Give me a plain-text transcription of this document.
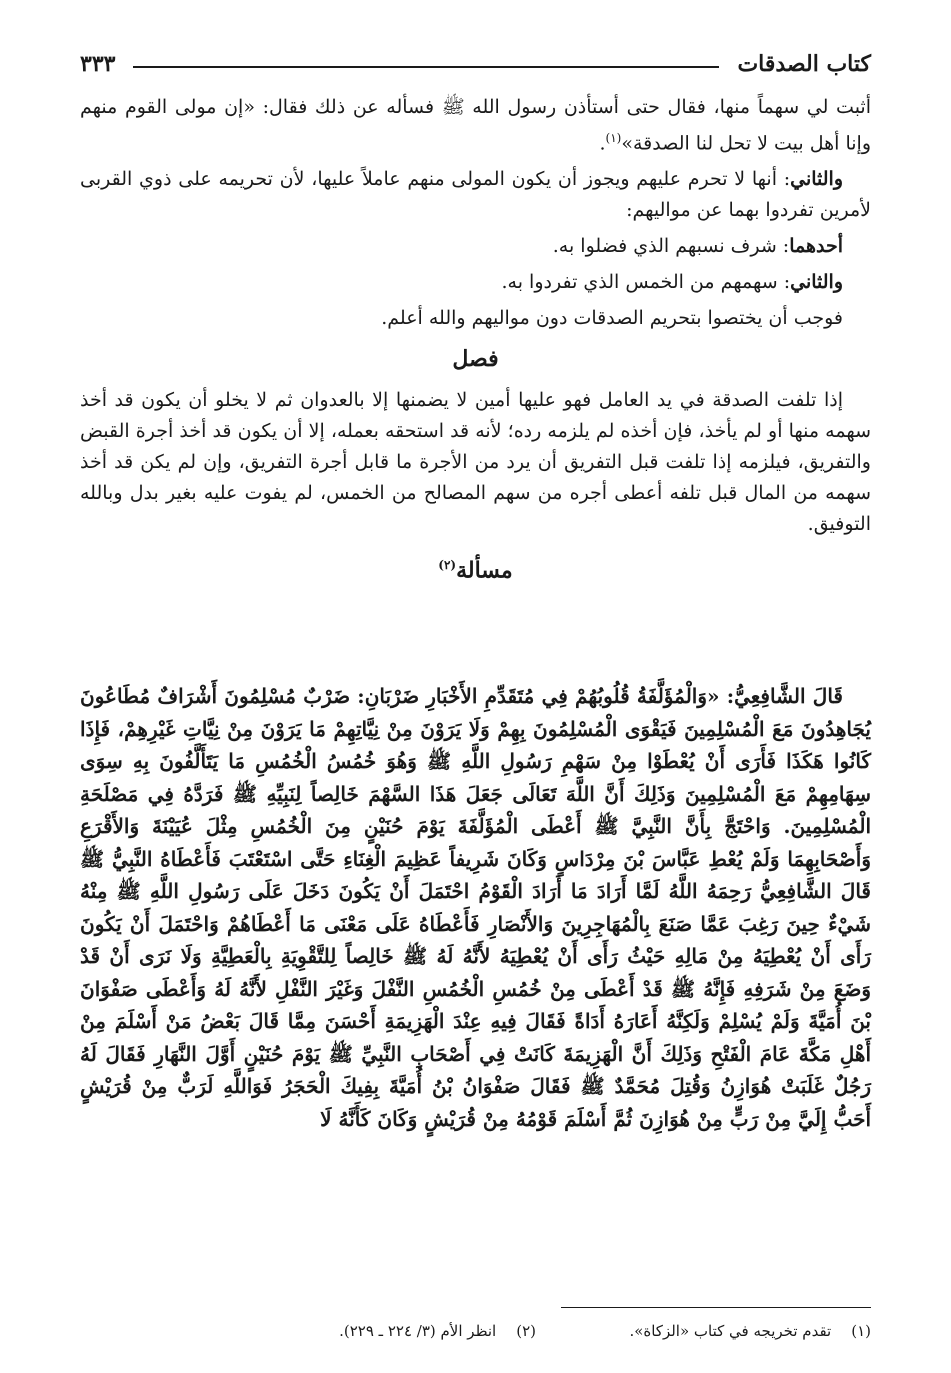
٣٣٣	كتاب الصدقات

أثبت لي سهماً منها، فقال حتى أستأذن رسول الله ﷺ فسأله عن ذلك فقال: «إن مولى القوم منهم وإنا أهل بيت لا تحل لنا الصدقة»$^{(١)}$.

والثاني: أنها لا تحرم عليهم ويجوز أن يكون المولى منهم عاملاً عليها، لأن تحريمه على ذوي القربى لأمرين تفردوا بهما عن مواليهم:

أحدهما: شرف نسبهم الذي فضلوا به.

والثاني: سهمهم من الخمس الذي تفردوا به.

فوجب أن يختصوا بتحريم الصدقات دون مواليهم والله أعلم.

فصل

إذا تلفت الصدقة في يد العامل فهو عليها أمين لا يضمنها إلا بالعدوان ثم لا يخلو أن يكون قد أخذ سهمه منها أو لم يأخذ، فإن أخذه لم يلزمه رده؛ لأنه قد استحقه بعمله، إلا أن يكون قد أخذ أجرة القبض والتفريق، فيلزمه إذا تلفت قبل التفريق أن يرد من الأجرة ما قابل أجرة التفريق، وإن لم يكن قد أخذ سهمه من المال قبل تلفه أعطى أجره من سهم المصالح من الخمس، لم يفوت عليه بغير بدل وبالله التوفيق.

مسألة$^{(٢)}$

قَالَ الشَّافِعِيُّ: «وَالْمُؤَلَّفَةُ قُلُوبُهُمْ فِي مُتَقَدِّمِ الأَخْبَارِ ضَرْبَانِ: ضَرْبٌ مُسْلِمُونَ أَشْرَافٌ مُطَاعُونَ يُجَاهِدُونَ مَعَ الْمُسْلِمِينَ فَيَقْوَى الْمُسْلِمُونَ بِهِمْ وَلَا يَرَوْنَ مِنْ نِيَّاتِهِمْ مَا يَرَوْنَ مِنْ نِيَّاتِ غَيْرِهِمْ، فَإِذَا كَانُوا هَكَذَا فَأَرَى أَنْ يُعْطَوْا مِنْ سَهْمِ رَسُولِ اللَّهِ ﷺ وَهُوَ خُمُسُ الْخُمُسِ مَا يَتَأَلَّفُونَ بِهِ سِوَى سِهَامِهِمْ مَعَ الْمُسْلِمِينَ وَذَلِكَ أَنَّ اللَّهَ تَعَالَى جَعَلَ هَذَا السَّهْمَ خَالِصاً لِنَبِيِّهِ ﷺ فَرَدَّهُ فِي مَصْلَحَةِ الْمُسْلِمِينَ. وَاحْتَجَّ بِأَنَّ النَّبِيَّ ﷺ أَعْطَى الْمُؤَلَّفَةَ يَوْمَ حُنَيْنٍ مِنَ الْخُمُسِ مِثْلَ عُيَيْنَةَ وَالأَقْرَعِ وَأَصْحَابِهِمَا وَلَمْ يُعْطِ عَبَّاسَ بْنَ مِرْدَاسٍ وَكَانَ شَرِيفاً عَظِيمَ الْغِنَاءِ حَتَّى اسْتَعْتَبَ فَأَعْطَاهُ النَّبِيُّ ﷺ قَالَ الشَّافِعِيُّ رَحِمَهُ اللَّهُ لَمَّا أَرَادَ مَا أَرَادَ الْقَوْمُ احْتَمَلَ أَنْ يَكُونَ دَخَلَ عَلَى رَسُولِ اللَّهِ ﷺ مِنْهُ شَيْءٌ حِينَ رَغِبَ عَمَّا صَنَعَ بِالْمُهَاجِرِينَ وَالأَنْصَارِ فَأَعْطَاهُ عَلَى مَعْنَى مَا أَعْطَاهُمْ وَاحْتَمَلَ أَنْ يَكُونَ رَأَى أَنْ يُعْطِيَهُ مِنْ مَالِهِ حَيْثُ رَأَى أَنْ يُعْطِيَهُ لأَنَّهُ لَهُ ﷺ خَالِصاً لِلتَّقْوِيَةِ بِالْعَطِيَّةِ وَلَا نَرَى أَنْ قَدْ وَضَعَ مِنْ شَرَفِهِ فَإِنَّهُ ﷺ قَدْ أَعْطَى مِنْ خُمُسِ الْخُمُسِ النَّفْلَ وَغَيْرَ النَّفْلِ لأَنَّهُ لَهُ وَأَعْطَى صَفْوَانَ بْنَ أُمَيَّةَ وَلَمْ يُسْلِمْ وَلَكِنَّهُ أَعَارَهُ أَدَاةً فَقَالَ فِيهِ عِنْدَ الْهَزِيمَةِ أَحْسَنَ مِمَّا قَالَ بَعْضُ مَنْ أَسْلَمَ مِنْ أَهْلِ مَكَّةَ عَامَ الْفَتْحِ وَذَلِكَ أَنَّ الْهَزِيمَةَ كَانَتْ فِي أَصْحَابِ النَّبِيِّ ﷺ يَوْمَ حُنَيْنٍ أَوَّلَ النَّهَارِ فَقَالَ لَهُ رَجُلٌ غَلَبَتْ هُوَازِنُ وَقُتِلَ مُحَمَّدٌ ﷺ فَقَالَ صَفْوَانُ بْنُ أُمَيَّةَ بِفِيكَ الْحَجَرُ فَوَاللَّهِ لَرَبٌّ مِنْ قُرَيْشٍ أَحَبُّ إِلَيَّ مِنْ رَبٍّ مِنْ هُوَازِنَ ثُمَّ أَسْلَمَ قَوْمُهُ مِنْ قُرَيْشٍ وَكَانَ كَأَنَّهُ لَا

(١)
تقدم تخريجه في كتاب «الزكاة».
(٢)
انظر الأم (٣/ ٢٢٤ ـ ٢٢٩).
